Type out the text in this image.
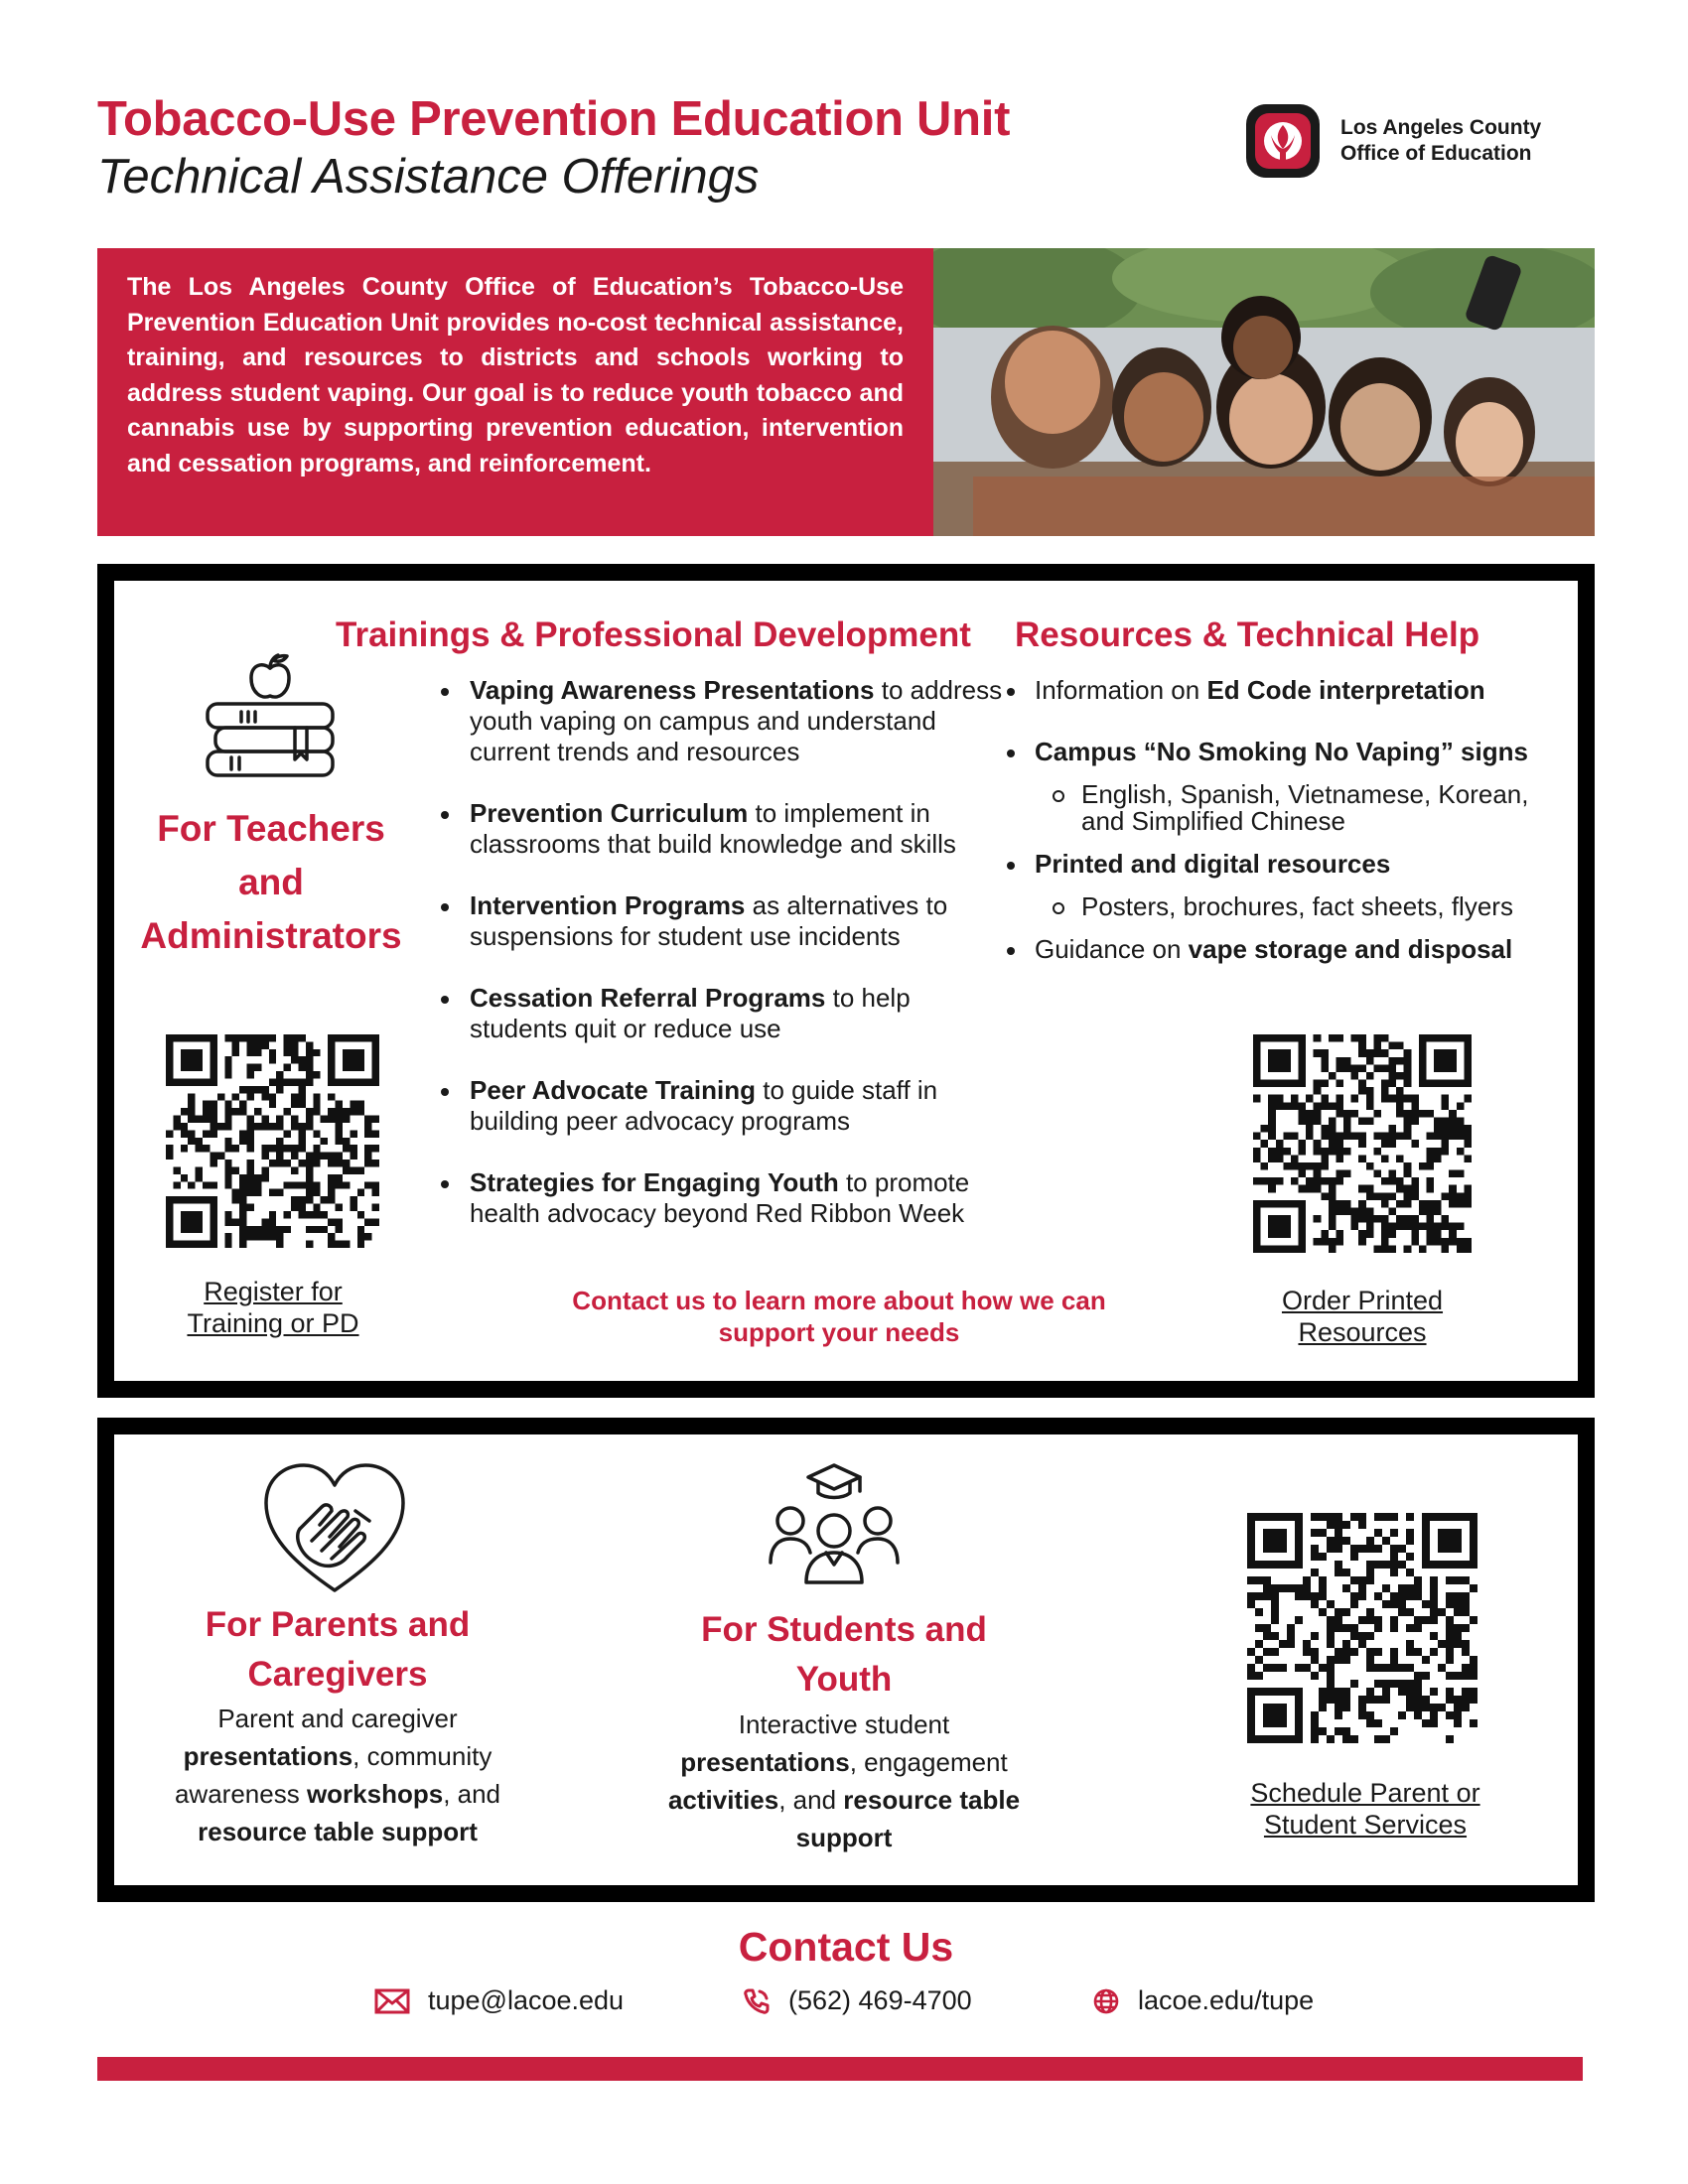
Tobacco-Use Prevention Education Unit
Technical Assistance Offerings
Los Angeles County
Office of Education

The Los Angeles County Office of Education’s Tobacco-Use Prevention Education Unit provides no-cost technical assistance, training, and resources to districts and schools working to address student vaping. Our goal is to reduce youth tobacco and cannabis use by supporting prevention education, intervention and cessation programs, and reinforcement.

Trainings & Professional Development Resources & Technical Help
For Teachers
and
Administrators
Vaping Awareness Presentations to address youth vaping on campus and understand current trends and resources
Prevention Curriculum to implement in classrooms that build knowledge and skills
Intervention Programs as alternatives to suspensions for student use incidents
Cessation Referral Programs to help students quit or reduce use
Peer Advocate Training to guide staff in building peer advocacy programs
Strategies for Engaging Youth to promote health advocacy beyond Red Ribbon Week
Information on Ed Code interpretation
Campus “No Smoking No Vaping” signs
English, Spanish, Vietnamese, Korean, and Simplified Chinese
Printed and digital resources
Posters, brochures, fact sheets, flyers
Guidance on vape storage and disposal
Register for
Training or PD
Contact us to learn more about how we can
support your needs
Order Printed
Resources
For Parents and
Caregivers
Parent and caregiver
presentations, community
awareness workshops, and
resource table support
For Students and
Youth
Interactive student
presentations, engagement
activities, and resource table
support
Schedule Parent or
Student Services
Contact Us
tupe@lacoe.edu	(562) 469-4700	lacoe.edu/tupe
